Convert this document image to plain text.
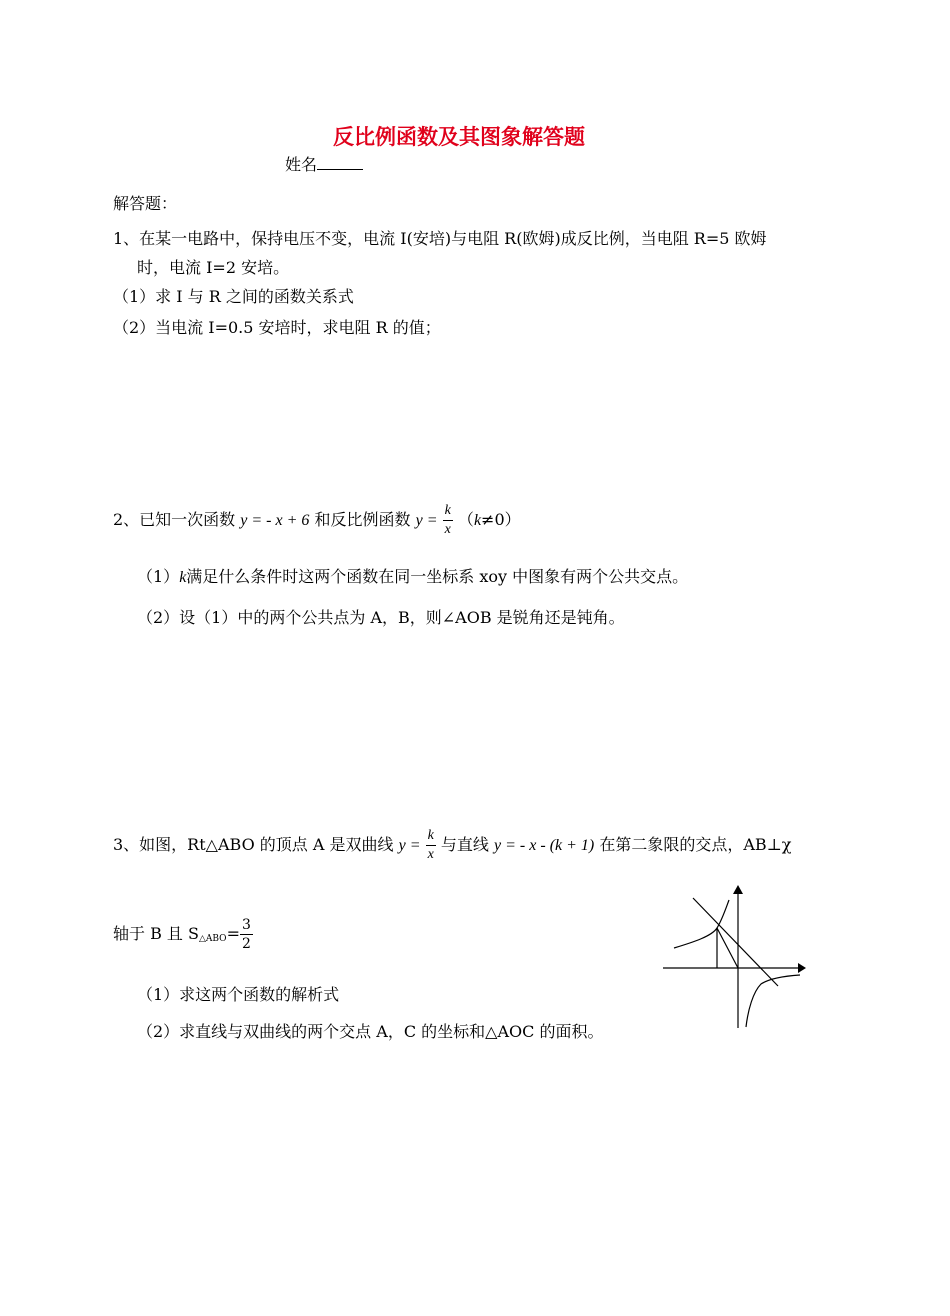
反比例函数及其图象解答题
姓名
解答题：
1、在某一电路中，保持电压不变，电流 I(安培)与电阻 R(欧姆)成反比例，当电阻 R=5 欧姆
时，电流 I=2 安培。
（1）求 I 与 R 之间的函数关系式
（2）当电流 I=0.5 安培时，求电阻 R 的值；
2、已知一次函数 y = - x + 6 和反比例函数 $y = \frac{k}{x} (k\ne 0)$
（1）k满足什么条件时这两个函数在同一坐标系 xoy 中图象有两个公共交点。
（2）设（1）中的两个公共点为 A，B，则∠AOB 是锐角还是钝角。
3、如图，Rt△ABO 的顶点 A 是双曲线 $y = \frac{k}{x}$ 与直线 y = - x - (k + 1) 在第二象限的交点，AB⊥χ
轴于 B 且 $S_{\triangle ABO}= \frac{3}{2}$
（1）求这两个函数的解析式
（2）求直线与双曲线的两个交点 A，C 的坐标和△AOC 的面积。
